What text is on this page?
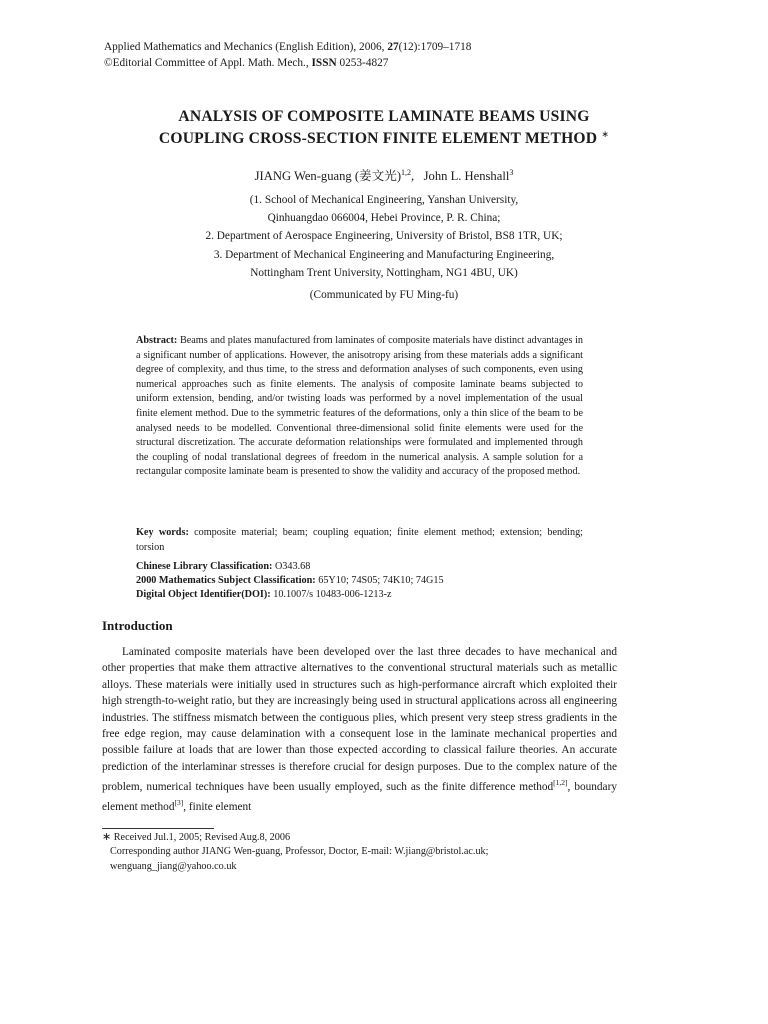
Applied Mathematics and Mechanics (English Edition), 2006, 27(12):1709–1718
©Editorial Committee of Appl. Math. Mech., ISSN 0253-4827
ANALYSIS OF COMPOSITE LAMINATE BEAMS USING
COUPLING CROSS-SECTION FINITE ELEMENT METHOD ∗
JIANG Wen-guang (姜文光)$^{1,2}$, John L. Henshall$^3$
(1. School of Mechanical Engineering, Yanshan University,
Qinhuangdao 066004, Hebei Province, P. R. China;
2. Department of Aerospace Engineering, University of Bristol, BS8 1TR, UK;
3. Department of Mechanical Engineering and Manufacturing Engineering,
Nottingham Trent University, Nottingham, NG1 4BU, UK)
(Communicated by FU Ming-fu)
Abstract: Beams and plates manufactured from laminates of composite materials have distinct advantages in a significant number of applications. However, the anisotropy arising from these materials adds a significant degree of complexity, and thus time, to the stress and deformation analyses of such components, even using numerical approaches such as finite elements. The analysis of composite laminate beams subjected to uniform extension, bending, and/or twisting loads was performed by a novel implementation of the usual finite element method. Due to the symmetric features of the deformations, only a thin slice of the beam to be analysed needs to be modelled. Conventional three-dimensional solid finite elements were used for the structural discretization. The accurate deformation relationships were formulated and implemented through the coupling of nodal translational degrees of freedom in the numerical analysis. A sample solution for a rectangular composite laminate beam is presented to show the validity and accuracy of the proposed method.
Key words: composite material; beam; coupling equation; finite element method; extension; bending; torsion
Chinese Library Classification: O343.68
2000 Mathematics Subject Classification: 65Y10; 74S05; 74K10; 74G15
Digital Object Identifier(DOI): 10.1007/s 10483-006-1213-z
Introduction
Laminated composite materials have been developed over the last three decades to have mechanical and other properties that make them attractive alternatives to the conventional structural materials such as metallic alloys. These materials were initially used in structures such as high-performance aircraft which exploited their high strength-to-weight ratio, but they are increasingly being used in structural applications across all engineering industries. The stiffness mismatch between the contiguous plies, which present very steep stress gradients in the free edge region, may cause delamination with a consequent lose in the laminate mechanical properties and possible failure at loads that are lower than those expected according to classical failure theories. An accurate prediction of the interlaminar stresses is therefore crucial for design purposes. Due to the complex nature of the problem, numerical techniques have been usually employed, such as the finite difference method[1,2], boundary element method[3], finite element
∗ Received Jul.1, 2005; Revised Aug.8, 2006
Corresponding author JIANG Wen-guang, Professor, Doctor, E-mail: W.jiang@bristol.ac.uk;
wenguang_jiang@yahoo.co.uk
